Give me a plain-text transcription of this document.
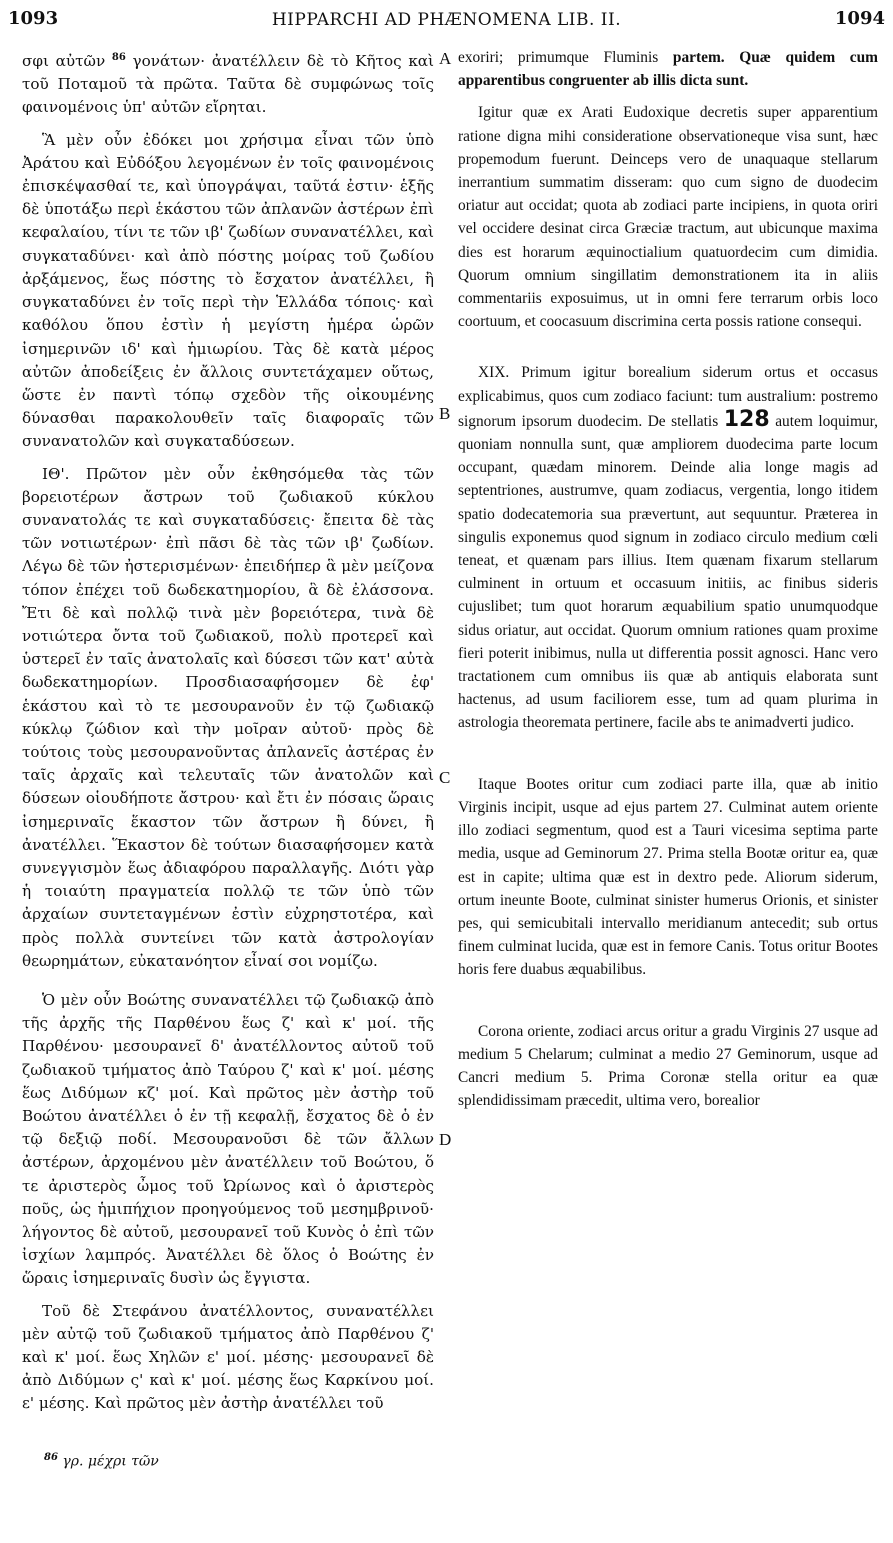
1093	HIPPARCHI AD PHÆNOMENA LIB. II.	1094
A
B
C
D
σφι αὐτῶν $^{86}$ γονάτων· ἀνατέλλειν δὲ τὸ Κῆτος καὶ τοῦ Ποταμοῦ τὰ πρῶτα. Ταῦτα δὲ συμφώνως τοῖς φαινομένοις ὑπ' αὐτῶν εἴρηται.
Ἃ μὲν οὖν ἐδόκει μοι χρήσιμα εἶναι τῶν ὑπὸ Ἀράτου καὶ Εὐδόξου λεγομένων ἐν τοῖς φαινομένοις ἐπισκέψασθαί τε, καὶ ὑπογράψαι, ταῦτά ἐστιν· ἑξῆς δὲ ὑποτάξω περὶ ἑκάστου τῶν ἀπλανῶν ἀστέρων ἐπὶ κεφαλαίου, τίνι τε τῶν ιβ' ζωδίων συνανατέλλει, καὶ συγκαταδύνει· καὶ ἀπὸ πόστης μοίρας τοῦ ζωδίου ἀρξάμενος, ἕως πόστης τὸ ἔσχατον ἀνατέλλει, ἢ συγκαταδύνει ἐν τοῖς περὶ τὴν Ἑλλάδα τόποις· καὶ καθόλου ὅπου ἐστὶν ἡ μεγίστη ἡμέρα ὡρῶν ἰσημερινῶν ιδ' καὶ ἡμιωρίου. Τὰς δὲ κατὰ μέρος αὐτῶν ἀποδείξεις ἐν ἄλλοις συντετάχαμεν οὕτως, ὥστε ἐν παντὶ τόπῳ σχεδὸν τῆς οἰκουμένης δύνασθαι παρακολουθεῖν ταῖς διαφοραῖς τῶν συνανατολῶν καὶ συγκαταδύσεων.
ΙΘ'. Πρῶτον μὲν οὖν ἐκθησόμεθα τὰς τῶν βορειοτέρων ἄστρων τοῦ ζωδιακοῦ κύκλου συνανατολάς τε καὶ συγκαταδύσεις· ἔπειτα δὲ τὰς τῶν νοτιωτέρων· ἐπὶ πᾶσι δὲ τὰς τῶν ιβ' ζωδίων. Λέγω δὲ τῶν ἠστερισμένων· ἐπειδήπερ ἃ μὲν μείζονα τόπον ἐπέχει τοῦ δωδεκατημορίου, ἃ δὲ ἐλάσσονα. Ἔτι δὲ καὶ πολλῷ τινὰ μὲν βορειότερα, τινὰ δὲ νοτιώτερα ὄντα τοῦ ζωδιακοῦ, πολὺ προτερεῖ καὶ ὑστερεῖ ἐν ταῖς ἀνατολαῖς καὶ δύσεσι τῶν κατ' αὐτὰ δωδεκατημορίων. Προσδιασαφήσομεν δὲ ἐφ' ἑκάστου καὶ τὸ τε μεσουρανοῦν ἐν τῷ ζωδιακῷ κύκλῳ ζώδιον καὶ τὴν μοῖραν αὐτοῦ· πρὸς δὲ τούτοις τοὺς μεσουρανοῦντας ἀπλανεῖς ἀστέρας ἐν ταῖς ἀρχαῖς καὶ τελευταῖς τῶν ἀνατολῶν καὶ δύσεων οἱουδήποτε ἄστρου· καὶ ἔτι ἐν πόσαις ὥραις ἰσημεριναῖς ἕκαστον τῶν ἄστρων ἢ δύνει, ἢ ἀνατέλλει. Ἕκαστον δὲ τούτων διασαφήσομεν κατὰ συνεγγισμὸν ἕως ἀδιαφόρου παραλλαγῆς. Διότι γὰρ ἡ τοιαύτη πραγματεία πολλῷ τε τῶν ὑπὸ τῶν ἀρχαίων συντεταγμένων ἐστὶν εὐχρηστοτέρα, καὶ πρὸς πολλὰ συντείνει τῶν κατὰ ἀστρολογίαν θεωρημάτων, εὐκατανόητον εἶναί σοι νομίζω.
Ὁ μὲν οὖν Βοώτης συνανατέλλει τῷ ζωδιακῷ ἀπὸ τῆς ἀρχῆς τῆς Παρθένου ἕως ζ' καὶ κ' μοί. τῆς Παρθένου· μεσουρανεῖ δ' ἀνατέλλοντος αὐτοῦ τοῦ ζωδιακοῦ τμήματος ἀπὸ Ταύρου ζ' καὶ κ' μοί. μέσης ἕως Διδύμων κζ' μοί. Καὶ πρῶτος μὲν ἀστὴρ τοῦ Βοώτου ἀνατέλλει ὁ ἐν τῇ κεφαλῇ, ἔσχατος δὲ ὁ ἐν τῷ δεξιῷ ποδί. Μεσουρανοῦσι δὲ τῶν ἄλλων ἀστέρων, ἀρχομένου μὲν ἀνατέλλειν τοῦ Βοώτου, ὅ τε ἀριστερὸς ὦμος τοῦ Ὠρίωνος καὶ ὁ ἀριστερὸς ποῦς, ὡς ἡμιπήχιον προηγούμενος τοῦ μεσημβρινοῦ· λήγοντος δὲ αὐτοῦ, μεσουρανεῖ τοῦ Κυνὸς ὁ ἐπὶ τῶν ἰσχίων λαμπρός. Ἀνατέλλει δὲ ὅλος ὁ Βοώτης ἐν ὥραις ἰσημεριναῖς δυσὶν ὡς ἔγγιστα.
Τοῦ δὲ Στεφάνου ἀνατέλλοντος, συνανατέλλει μὲν αὐτῷ τοῦ ζωδιακοῦ τμήματος ἀπὸ Παρθένου ζ' καὶ κ' μοί. ἕως Χηλῶν ε' μοί. μέσης· μεσουρανεῖ δὲ ἀπὸ Διδύμων ς' καὶ κ' μοί. μέσης ἕως Καρκίνου μοί. ε' μέσης. Καὶ πρῶτος μὲν ἀστὴρ ἀνατέλλει τοῦ
exoriri; primumque Fluminis partem. Quæ quidem cum apparentibus congruenter ab illis dicta sunt.
Igitur quæ ex Arati Eudoxique decretis super apparentium ratione digna mihi consideratione observationeque visa sunt, hæc propemodum fuerunt. Deinceps vero de unaquaque stellarum inerrantium summatim disseram: quo cum signo de duodecim oriatur aut occidat; quota ab zodiaci parte incipiens, in quota oriri vel occidere desinat circa Græciæ tractum, aut ubicunque maxima dies est horarum æquinoctialium quatuordecim cum dimidia. Quorum omnium singillatim demonstrationem ita in aliis commentariis exposuimus, ut in omni fere terrarum orbis loco coortuum, et coocasuum discrimina certa possis ratione consequi.
XIX. Primum igitur borealium siderum ortus et occasus explicabimus, quos cum zodiaco faciunt: tum australium: postremo signorum ipsorum duodecim. De stellatis 128 autem loquimur, quoniam nonnulla sunt, quæ ampliorem duodecima parte locum occupant, quædam minorem. Deinde alia longe magis ad septentriones, austrumve, quam zodiacus, vergentia, longo itidem spatio dodecatemoria sua prævertunt, aut sequuntur. Præterea in singulis exponemus quod signum in zodiaco circulo medium cœli teneat, et quænam pars illius. Item quænam fixarum stellarum culminent in ortuum et occasuum initiis, ac finibus sideris cujuslibet; tum quot horarum æquabilium spatio unumquodque sidus oriatur, aut occidat. Quorum omnium rationes quam proxime fieri poterit inibimus, nulla ut differentia possit agnosci. Hanc vero tractationem cum omnibus iis quæ ab antiquis elaborata sunt hactenus, ad usum faciliorem esse, tum ad quam plurima in astrologia theoremata pertinere, facile abs te animadverti judico.
Itaque Bootes oritur cum zodiaci parte illa, quæ ab initio Virginis incipit, usque ad ejus partem 27. Culminat autem oriente illo zodiaci segmentum, quod est a Tauri vicesima septima parte media, usque ad Geminorum 27. Prima stella Bootæ oritur ea, quæ est in capite; ultima quæ est in dextro pede. Aliorum siderum, ortum ineunte Boote, culminat sinister humerus Orionis, et sinister pes, qui semicubitali intervallo meridianum antecedit; sub ortus finem culminat lucida, quæ est in femore Canis. Totus oritur Bootes horis fere duabus æquabilibus.
Corona oriente, zodiaci arcus oritur a gradu Virginis 27 usque ad medium 5 Chelarum; culminat a medio 27 Geminorum, usque ad Cancri medium 5. Prima Coronæ stella oritur ea quæ splendidissimam præcedit, ultima vero, borealior
$^{86}$ γρ. μέχρι τῶν
